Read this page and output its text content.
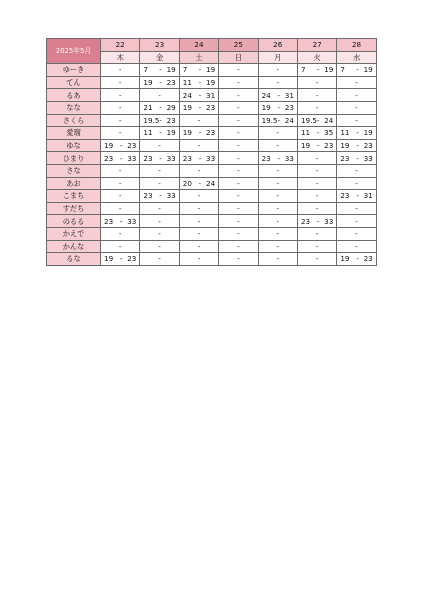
2025年5月	22	23	24	25	26	27	28
	木	金	土	日	月	火	水
ゆーき	-	7 - 19	7 - 19	-	-	7 - 19	7 - 19

てん	-	19 - 23	11 - 19	-	-	-	-
るあ	-	-	24 - 31	-	24 - 31	-	-
なな	-	21 - 29	19 - 23	-	19 - 23	-	-
さくら	-	19.5 - 23	-	-	19.5 - 24	19.5 - 24	-
愛瑠	-	11 - 19	19 - 23	-	-	11 - 35	11 - 19

ゆな	19 - 23	-	-	-	-	19 - 23	19 - 23

ひまり	23 - 33	23 - 33	23 - 33	-	23 - 33	-	23 - 33

さな	-	-	-	-	-	-	-
あお	-	-	20 - 24	-	-	-	-
こまち	-	23 - 33	-	-	-	-	23 - 31

すだち	-	-	-	-	-	-	-
のるる	23 - 33	-	-	-	-	23 - 33	-
かえで	-	-	-	-	-	-	-
かんな	-	-	-	-	-	-	-
るな	19 - 23	-	-	-	-	-	19 - 23
